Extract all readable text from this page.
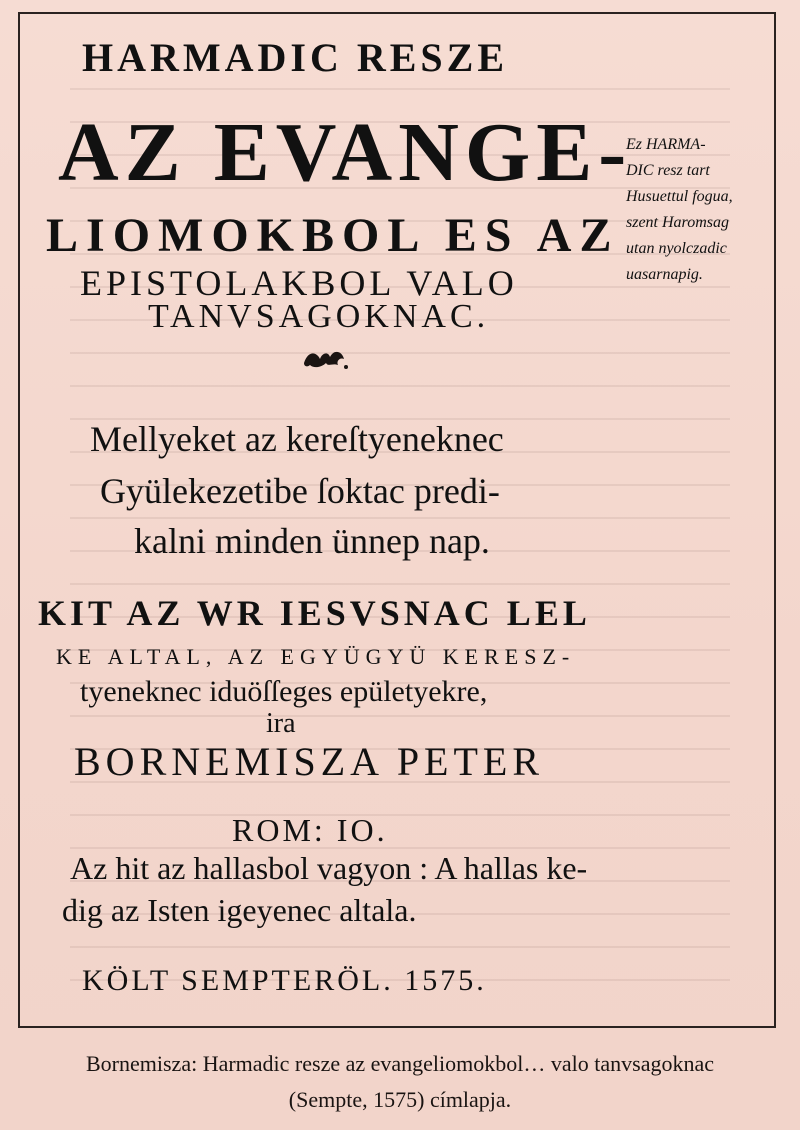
HARMADIC RESZE
AZ EVANGE-
LIOMOKBOL ES AZ
EPISTOLAKBOL VALO
TANVSAGOKNAC.
Mellyeket az kereſtyeneknec
Gyülekezetibe ſoktac predi-
kalni minden ünnep nap.
KIT AZ WR IESVSNAC LEL
KE ALTAL, AZ EGYÜGYÜ KERESZ-
tyeneknec iduöſſeges epületyekre,
ira
BORNEMISZA PETER
ROM: IO.
Az hit az hallasbol vagyon : A hallas ke-
dig az Isten igeyenec altala.
KÖLT SEMPTERÖL. 1575.
Ez HARMA-
DIC resz tart
Husuettul fogua,
szent Haromsag
utan nyolczadic
uasarnapig.
Bornemisza: Harmadic resze az evangeliomokbol… valo tanvsagoknac
(Sempte, 1575) címlapja.
